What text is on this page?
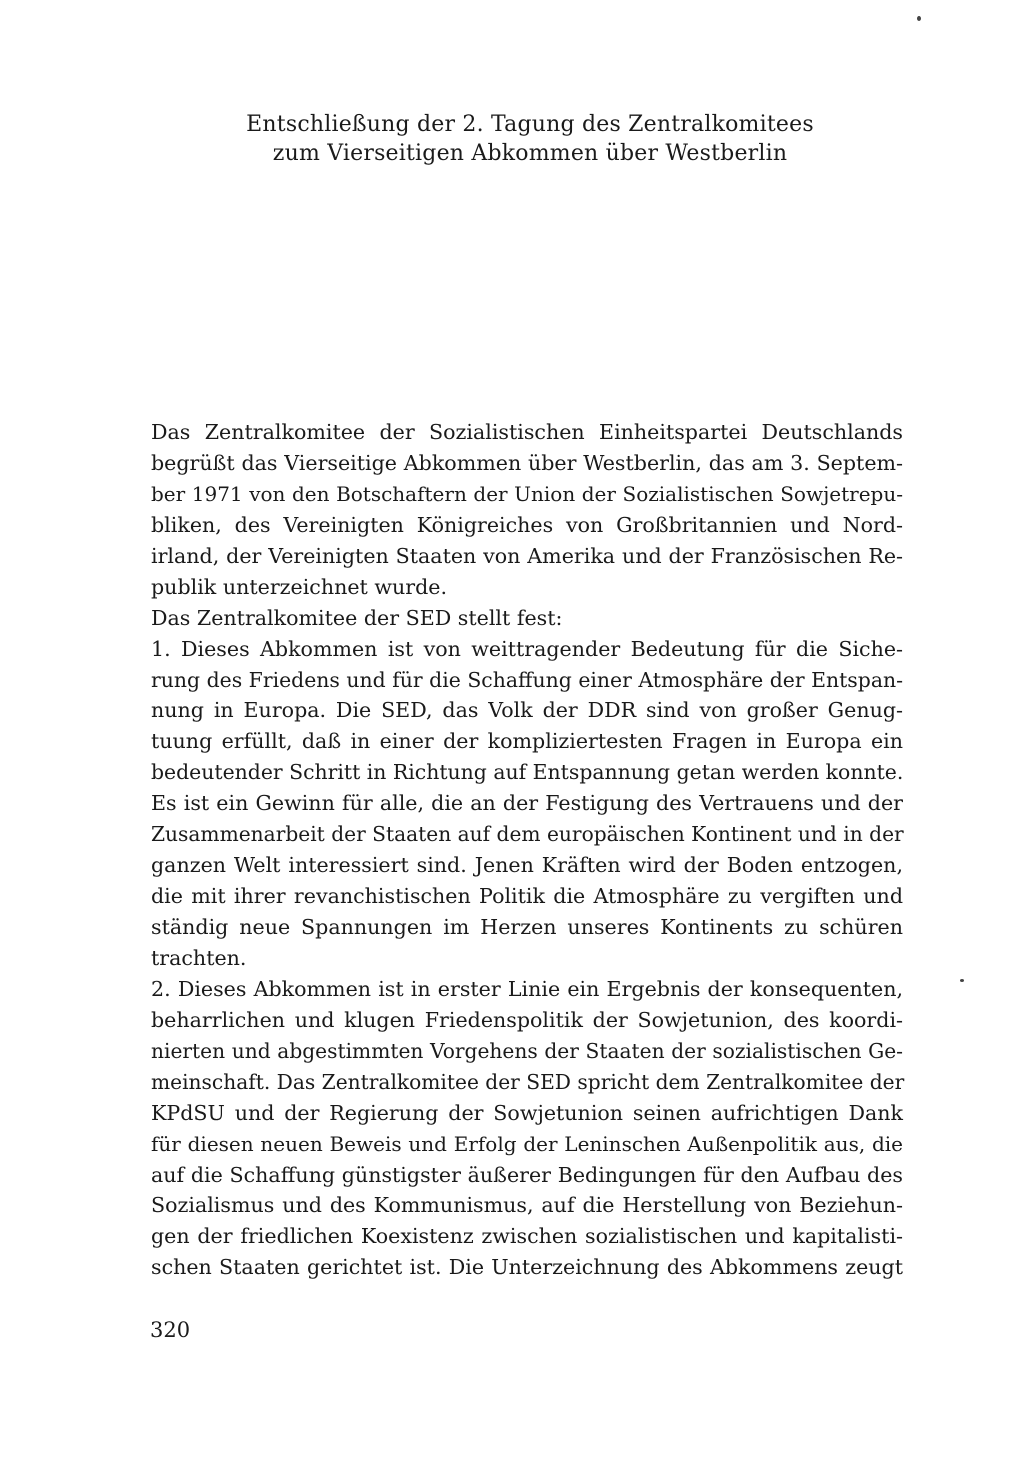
Entschließung der 2. Tagung des Zentralkomitees
zum Vierseitigen Abkommen über Westberlin
Das Zentralkomitee der Sozialistischen Einheitspartei Deutschlands
begrüßt das Vierseitige Abkommen über Westberlin, das am 3. Septem-
ber 1971 von den Botschaftern der Union der Sozialistischen Sowjetrepu-
bliken, des Vereinigten Königreiches von Großbritannien und Nord-
irland, der Vereinigten Staaten von Amerika und der Französischen Re-
publik unterzeichnet wurde.
Das Zentralkomitee der SED stellt fest:
1. Dieses Abkommen ist von weittragender Bedeutung für die Siche-
rung des Friedens und für die Schaffung einer Atmosphäre der Entspan-
nung in Europa. Die SED, das Volk der DDR sind von großer Genug-
tuung erfüllt, daß in einer der kompliziertesten Fragen in Europa ein
bedeutender Schritt in Richtung auf Entspannung getan werden konnte.
Es ist ein Gewinn für alle, die an der Festigung des Vertrauens und der
Zusammenarbeit der Staaten auf dem europäischen Kontinent und in der
ganzen Welt interessiert sind. Jenen Kräften wird der Boden entzogen,
die mit ihrer revanchistischen Politik die Atmosphäre zu vergiften und
ständig neue Spannungen im Herzen unseres Kontinents zu schüren
trachten.
2. Dieses Abkommen ist in erster Linie ein Ergebnis der konsequenten,
beharrlichen und klugen Friedenspolitik der Sowjetunion, des koordi-
nierten und abgestimmten Vorgehens der Staaten der sozialistischen Ge-
meinschaft. Das Zentralkomitee der SED spricht dem Zentralkomitee der
KPdSU und der Regierung der Sowjetunion seinen aufrichtigen Dank
für diesen neuen Beweis und Erfolg der Leninschen Außenpolitik aus, die
auf die Schaffung günstigster äußerer Bedingungen für den Aufbau des
Sozialismus und des Kommunismus, auf die Herstellung von Beziehun-
gen der friedlichen Koexistenz zwischen sozialistischen und kapitalisti-
schen Staaten gerichtet ist. Die Unterzeichnung des Abkommens zeugt
320
